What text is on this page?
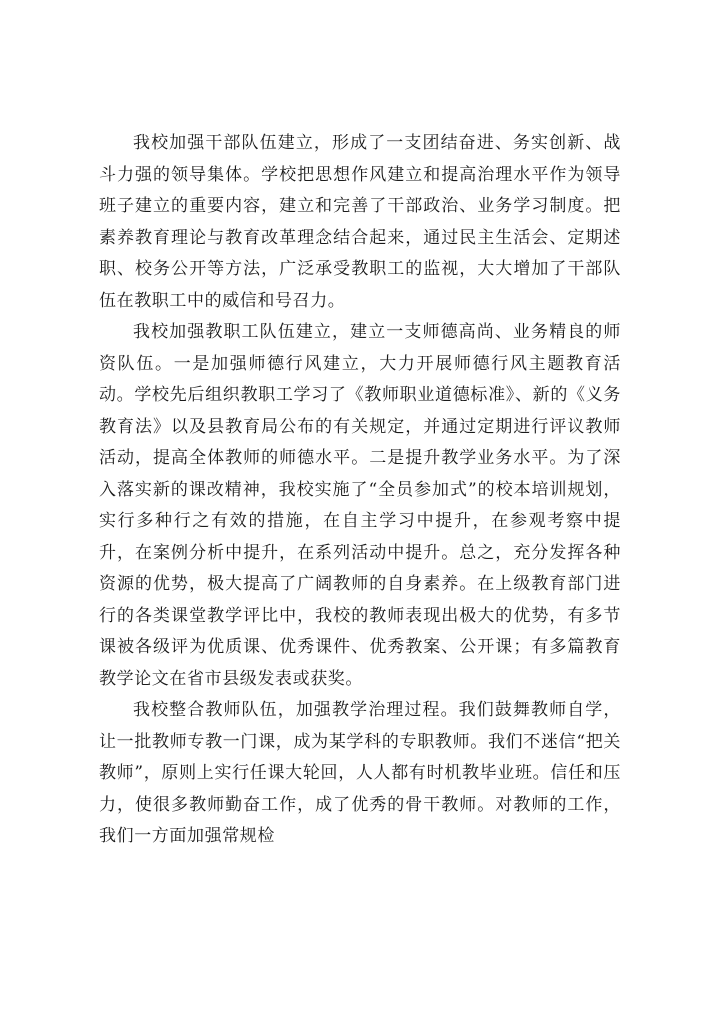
我校加强干部队伍建立，形成了一支团结奋进、务实创新、战斗力强的领导集体。学校把思想作风建立和提高治理水平作为领导班子建立的重要内容，建立和完善了干部政治、业务学习制度。把素养教育理论与教育改革理念结合起来，通过民主生活会、定期述职、校务公开等方法，广泛承受教职工的监视，大大增加了干部队伍在教职工中的威信和号召力。

我校加强教职工队伍建立，建立一支师德高尚、业务精良的师资队伍。一是加强师德行风建立，大力开展师德行风主题教育活动。学校先后组织教职工学习了《教师职业道德标准》、新的《义务教育法》以及县教育局公布的有关规定，并通过定期进行评议教师活动，提高全体教师的师德水平。二是提升教学业务水平。为了深入落实新的课改精神，我校实施了“全员参加式”的校本培训规划，实行多种行之有效的措施，在自主学习中提升，在参观考察中提升，在案例分析中提升，在系列活动中提升。总之，充分发挥各种资源的优势，极大提高了广阔教师的自身素养。在上级教育部门进行的各类课堂教学评比中，我校的教师表现出极大的优势，有多节课被各级评为优质课、优秀课件、优秀教案、公开课；有多篇教育教学论文在省市县级发表或获奖。

我校整合教师队伍，加强教学治理过程。我们鼓舞教师自学，让一批教师专教一门课，成为某学科的专职教师。我们不迷信“把关教师”，原则上实行任课大轮回，人人都有时机教毕业班。信任和压力，使很多教师勤奋工作，成了优秀的骨干教师。对教师的工作，我们一方面加强常规检
